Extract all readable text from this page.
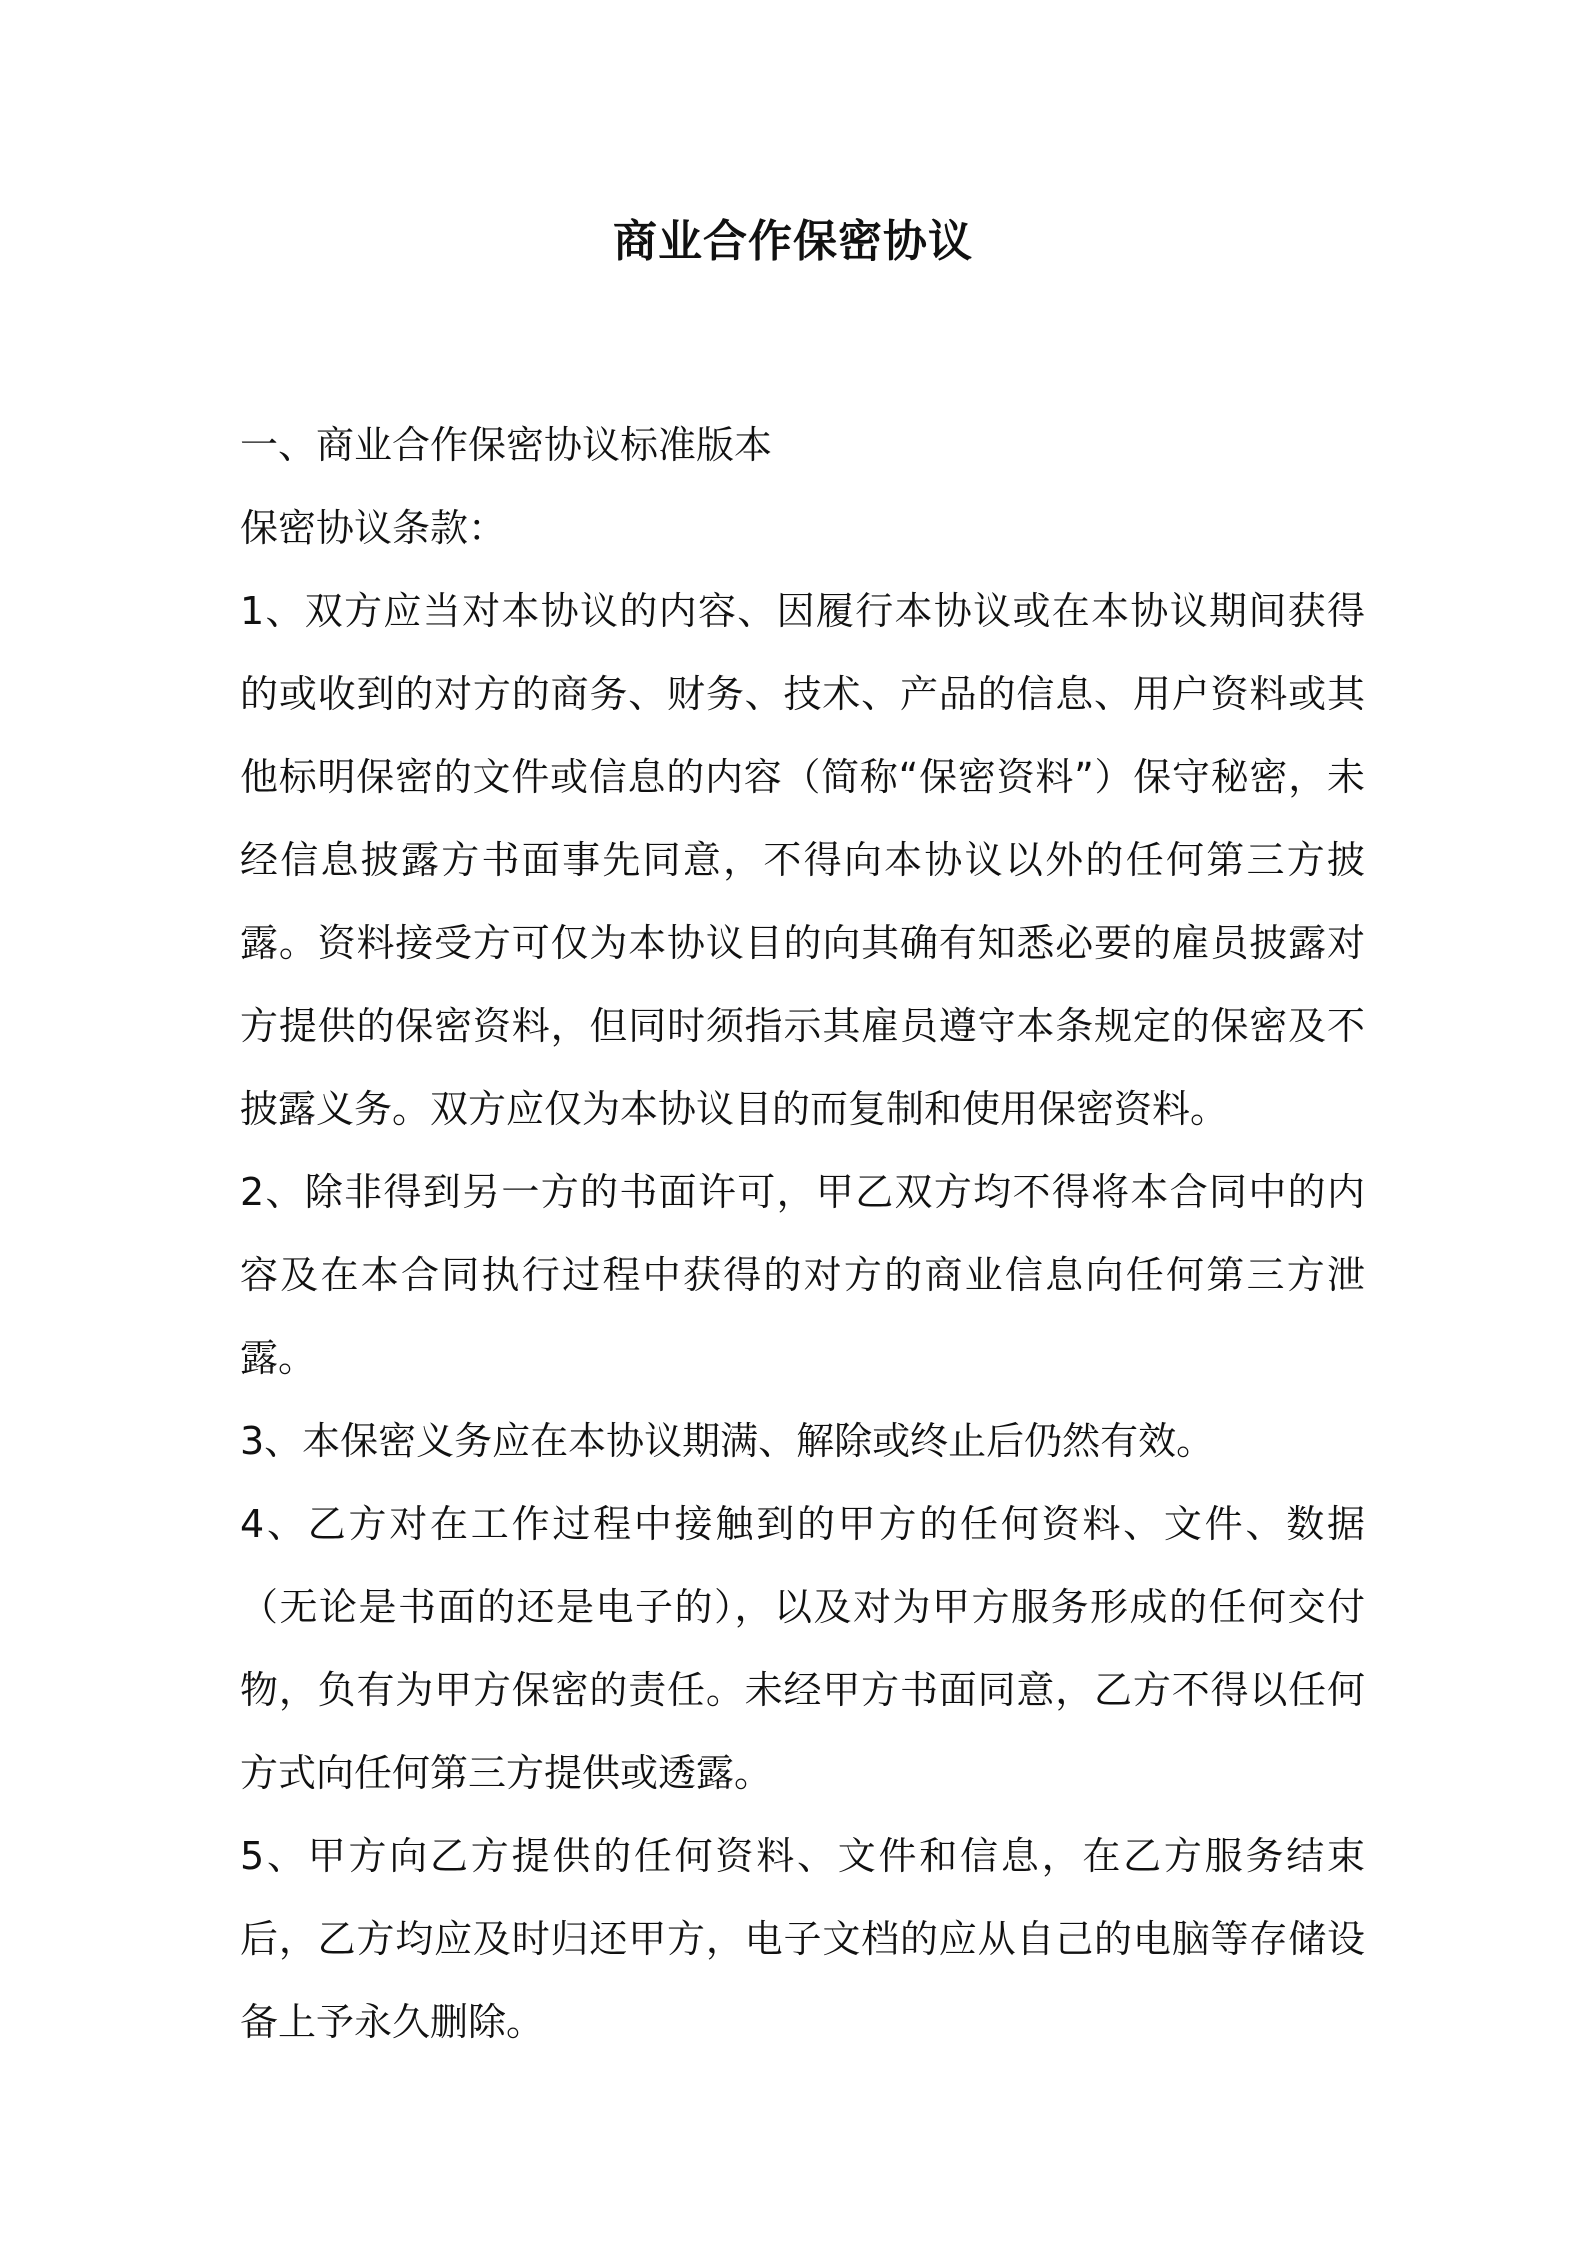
商业合作保密协议

一、商业合作保密协议标准版本

保密协议条款：

1、双方应当对本协议的内容、因履行本协议或在本协议期间获得的或收到的对方的商务、财务、技术、产品的信息、用户资料或其他标明保密的文件或信息的内容（简称“保密资料”）保守秘密，未经信息披露方书面事先同意，不得向本协议以外的任何第三方披露。资料接受方可仅为本协议目的向其确有知悉必要的雇员披露对方提供的保密资料，但同时须指示其雇员遵守本条规定的保密及不披露义务。双方应仅为本协议目的而复制和使用保密资料。

2、除非得到另一方的书面许可，甲乙双方均不得将本合同中的内容及在本合同执行过程中获得的对方的商业信息向任何第三方泄露。

3、本保密义务应在本协议期满、解除或终止后仍然有效。

4、乙方对在工作过程中接触到的甲方的任何资料、文件、数据（无论是书面的还是电子的），以及对为甲方服务形成的任何交付物，负有为甲方保密的责任。未经甲方书面同意，乙方不得以任何方式向任何第三方提供或透露。

5、甲方向乙方提供的任何资料、文件和信息，在乙方服务结束后，乙方均应及时归还甲方，电子文档的应从自己的电脑等存储设备上予永久删除。
